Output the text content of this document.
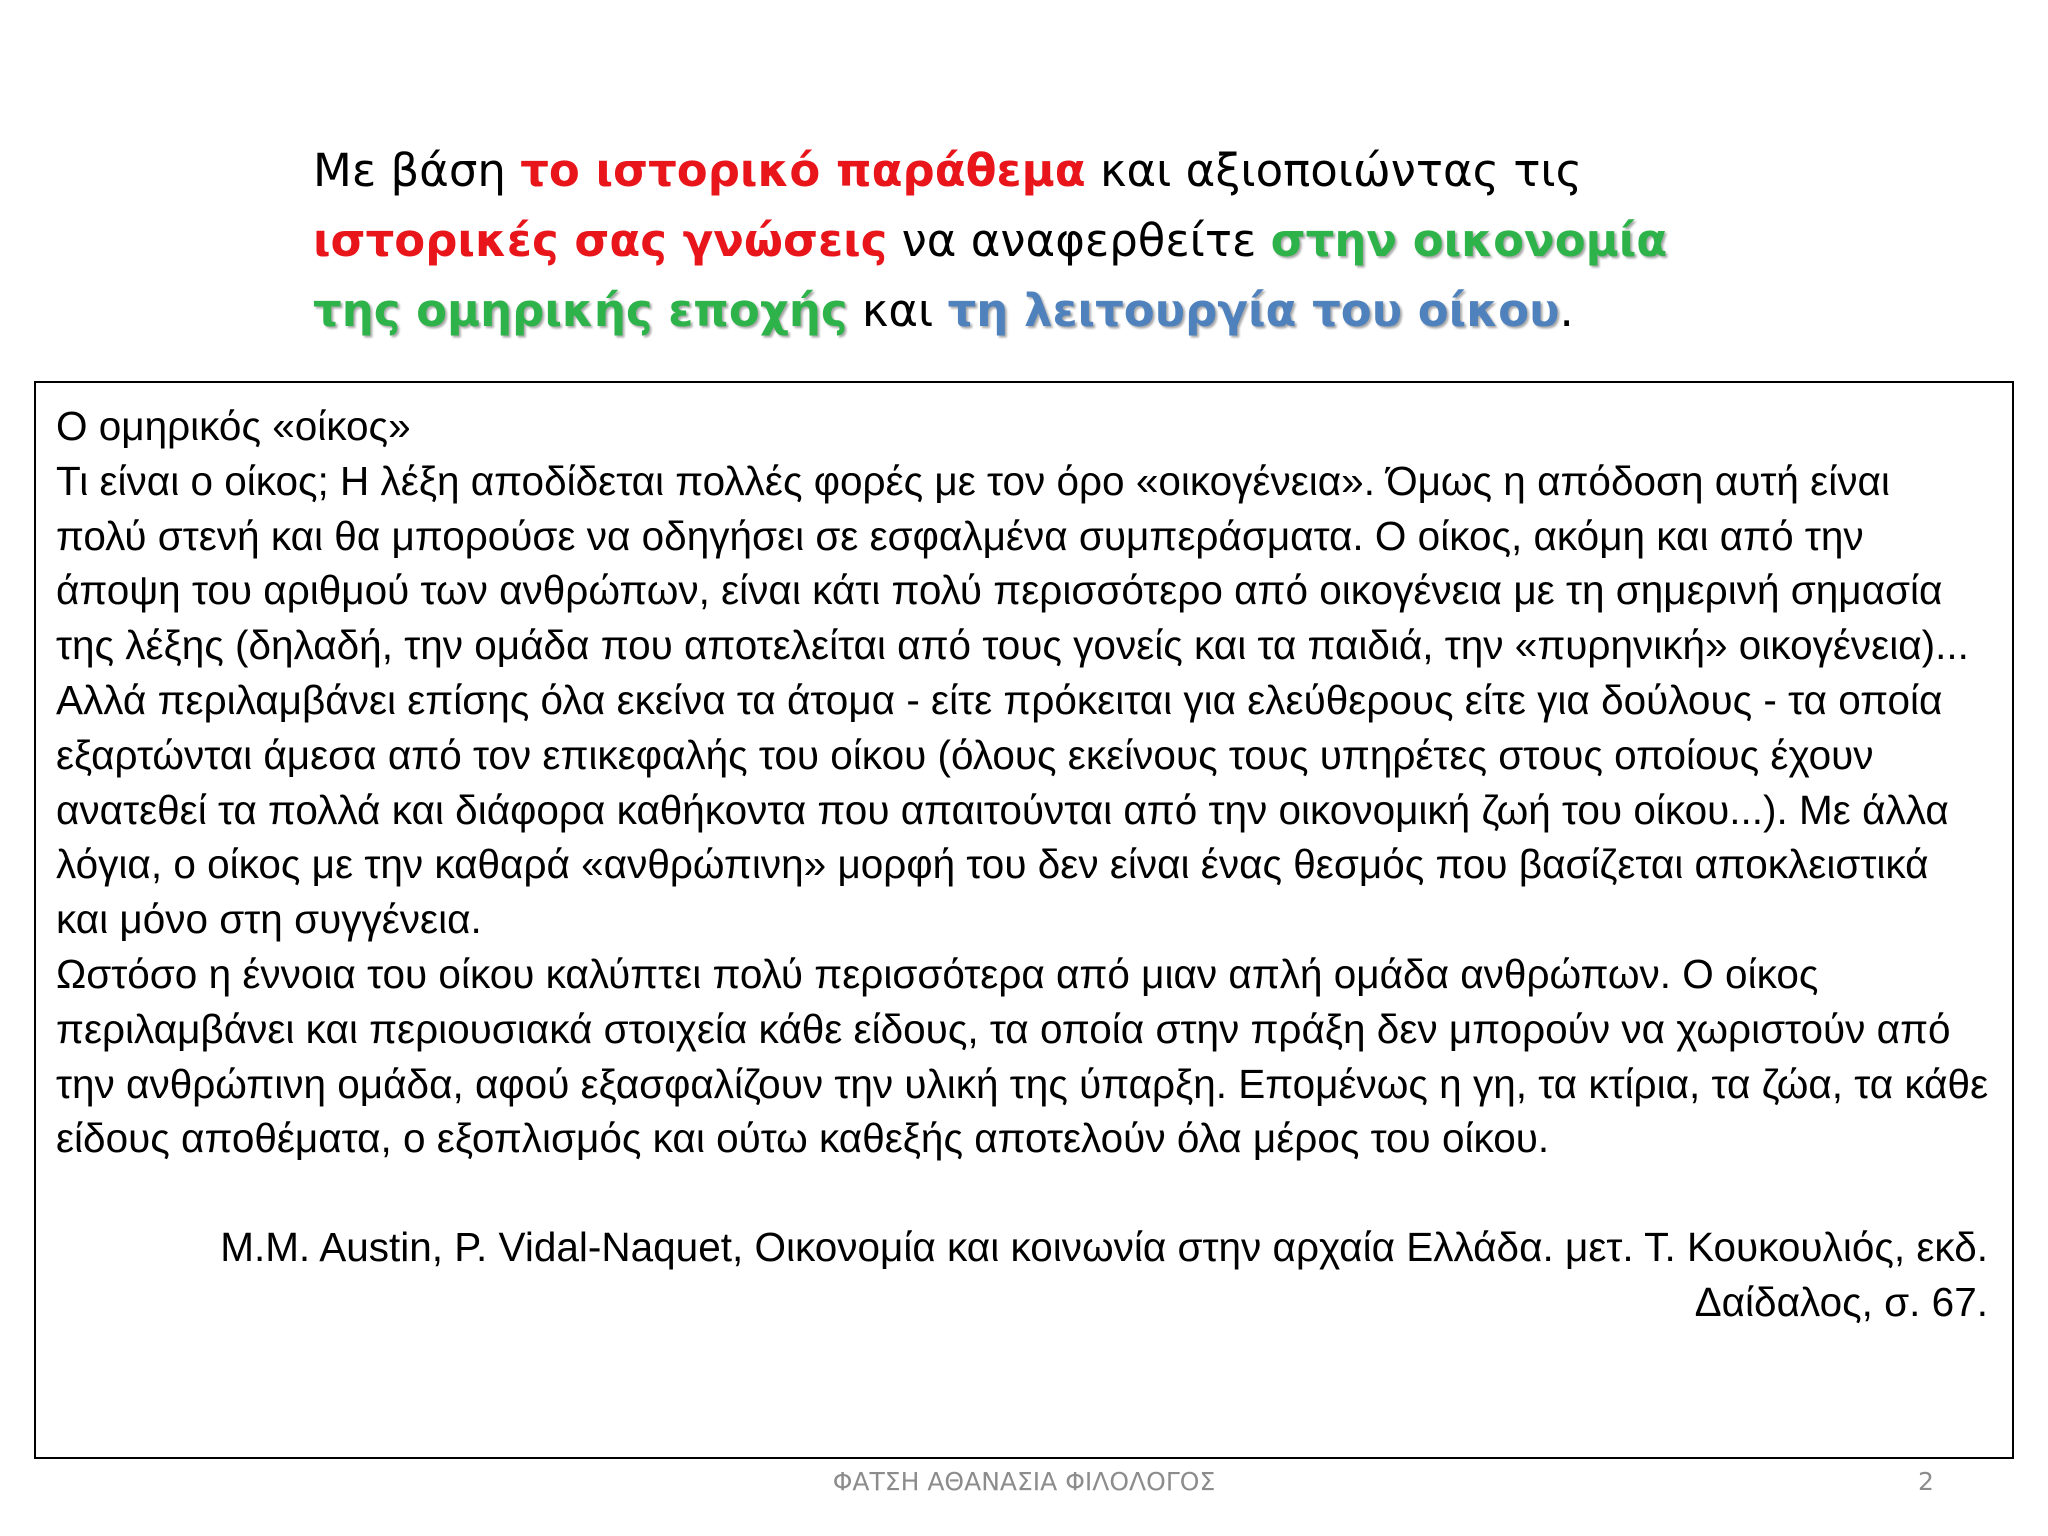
Με βάση το ιστορικό παράθεμα και αξιοποιώντας τις ιστορικές σας γνώσεις να αναφερθείτε στην οικονομία της ομηρικής εποχής και τη λειτουργία του οίκου.

Ο ομηρικός «οίκος»

Τι είναι ο οίκος; Η λέξη αποδίδεται πολλές φορές με τον όρο «οικογένεια». Όμως η απόδοση αυτή είναι πολύ στενή και θα μπορούσε να οδηγήσει σε εσφαλμένα συμπεράσματα. Ο οίκος, ακόμη και από την άποψη του αριθμού των ανθρώπων, είναι κάτι πολύ περισσότερο από οικογένεια με τη σημερινή σημασία της λέξης (δηλαδή, την ομάδα που αποτελείται από τους γονείς και τα παιδιά, την «πυρηνική» οικογένεια)... Αλλά περιλαμβάνει επίσης όλα εκείνα τα άτομα - είτε πρόκειται για ελεύθερους είτε για δούλους - τα οποία εξαρτώνται άμεσα από τον επικεφαλής του οίκου (όλους εκείνους τους υπηρέτες στους οποίους έχουν ανατεθεί τα πολλά και διάφορα καθήκοντα που απαιτούνται από την οικονομική ζωή του οίκου...). Με άλλα λόγια, ο οίκος με την καθαρά «ανθρώπινη» μορφή του δεν είναι ένας θεσμός που βασίζεται αποκλειστικά και μόνο στη συγγένεια.

Ωστόσο η έννοια του οίκου καλύπτει πολύ περισσότερα από μιαν απλή ομάδα ανθρώπων. Ο οίκος περιλαμβάνει και περιουσιακά στοιχεία κάθε είδους, τα οποία στην πράξη δεν μπορούν να χωριστούν από την ανθρώπινη ομάδα, αφού εξασφαλίζουν την υλική της ύπαρξη. Επομένως η γη, τα κτίρια, τα ζώα, τα κάθε είδους αποθέματα, ο εξοπλισμός και ούτω καθεξής αποτελούν όλα μέρος του οίκου.

M.M. Austin, P. Vidal-Naquet, Οικονομία και κοινωνία στην αρχαία Ελλάδα. μετ. Τ. Κουκουλιός, εκδ. Δαίδαλος, σ. 67.

ΦΑΤΣΗ ΑΘΑΝΑΣΙΑ ΦΙΛΟΛΟΓΟΣ	2
